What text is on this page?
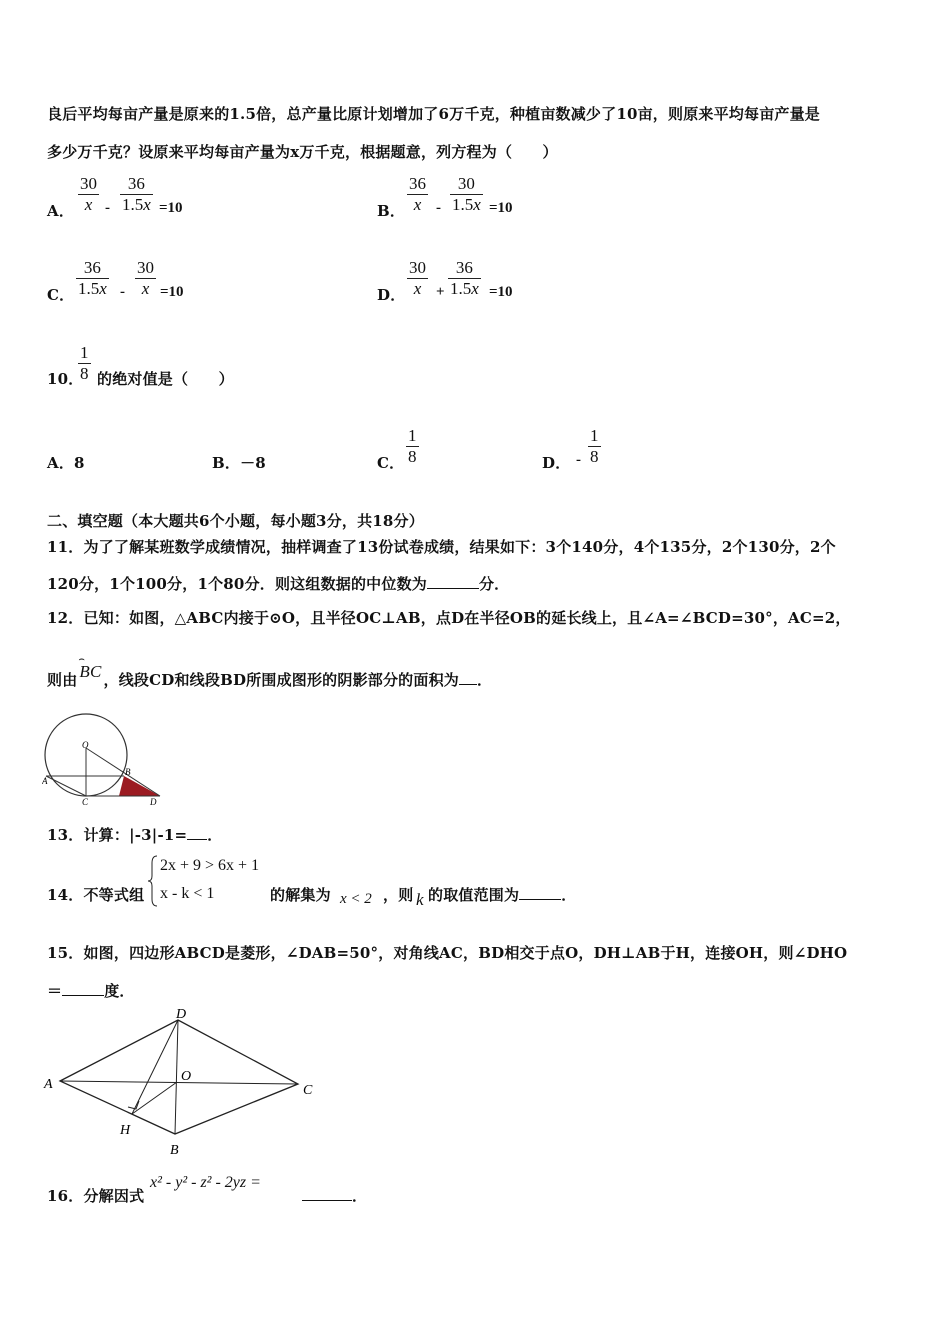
良后平均每亩产量是原来的1.5倍，总产量比原计划增加了6万千克，种植亩数减少了10亩，则原来平均每亩产量是
多少万千克？设原来平均每亩产量为x万千克，根据题意，列方程为（　　）
A． $\frac{30}{x} - \frac{36}{1.5x} =10$	B． $\frac{36}{x} - \frac{30}{1.5x} =10$
C． $\frac{36}{1.5x} - \frac{30}{x} =10$	D． $\frac{30}{x} + \frac{36}{1.5x} =10$
10．
$\frac{1}{8}$ 的绝对值是（　　）
A．8	B．－8	C． $\frac{1}{8}$	D． - $\frac{1}{8}$
二、填空题（本大题共6个小题，每小题3分，共18分）
11．为了了解某班数学成绩情况，抽样调查了13份试卷成绩，结果如下：3个140分，4个135分，2个130分，2个
120分，1个100分，1个80分．则这组数据的中位数为	分．
12．已知：如图，△ABC内接于⊙O，且半径OC⊥AB，点D在半径OB的延长线上，且∠A=∠BCD=30°，AC=2，
则由
⌢
BC ，线段CD和线段BD所围成图形的阴影部分的面积为 ．
O
A
B
C	D
13．计算：|-3|-1= ．
14．不等式组
2x + 9 > 6x + 1
x - k < 1	的解集为 x < 2 ，则 k 的取值范围为	．
15．如图，四边形ABCD是菱形，∠DAB=50°，对角线AC，BD相交于点O，DH⊥AB于H，连接OH，则∠DHO
＝	度．
A
D
C
B
O
H
16．分解因式
x² - y² - z² - 2yz =
．
